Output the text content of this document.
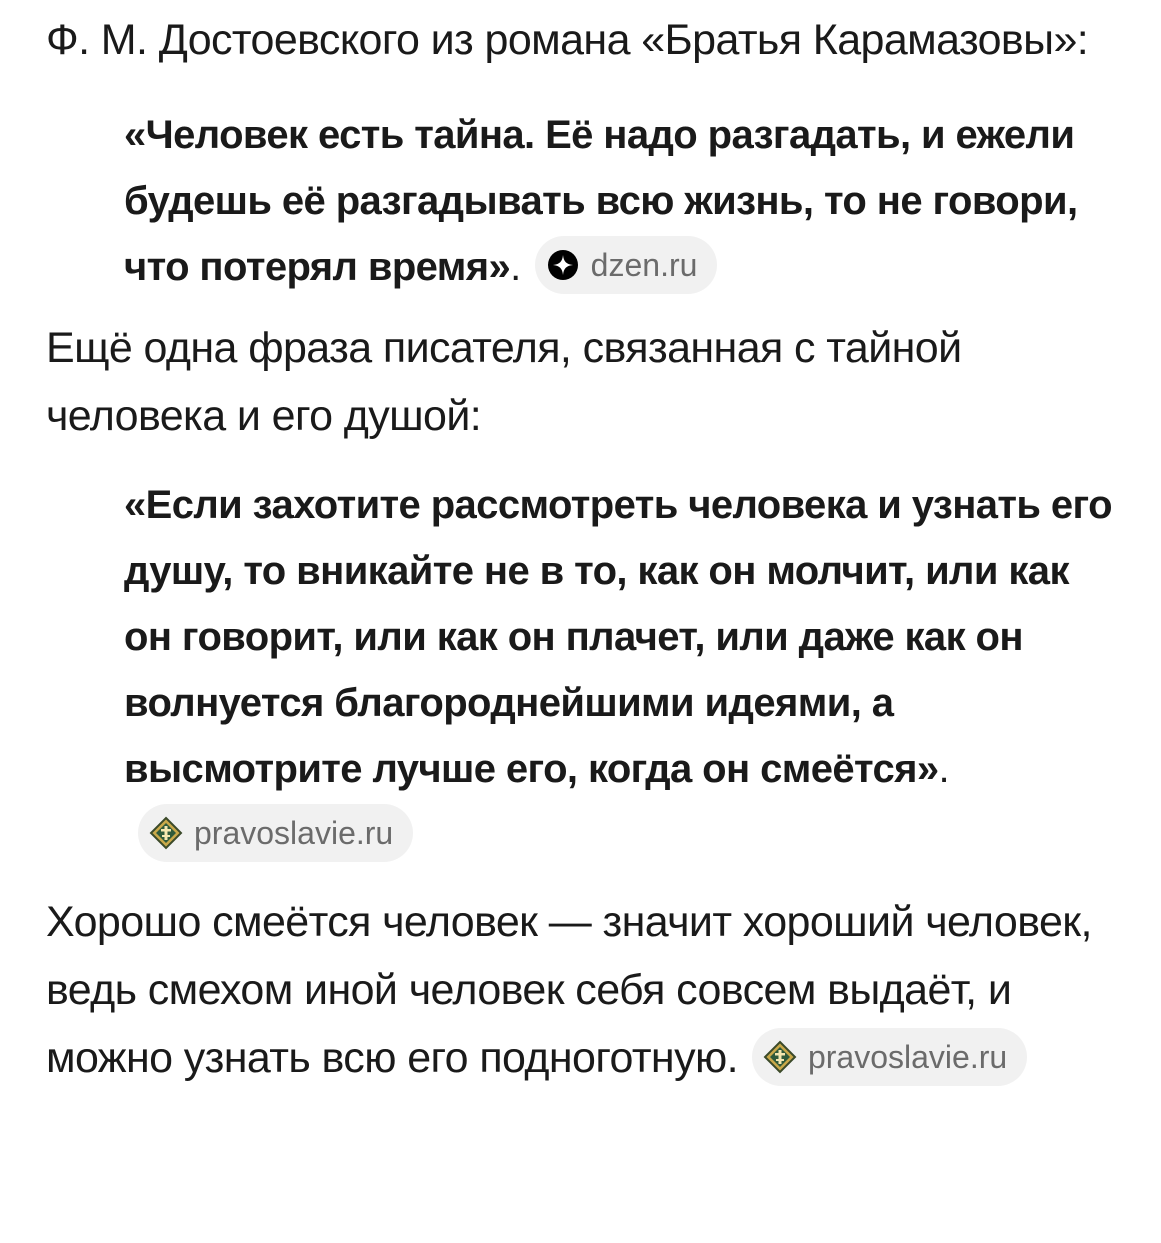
Ф. М. Достоевского из романа «Братья Карамазовы»:

«Человек есть тайна. Её надо разгадать, и ежели будешь её разгадывать всю жизнь, то не говори, что потерял время». dzen.ru

Ещё одна фраза писателя, связанная с тайной человека и его душой:

«Если захотите рассмотреть человека и узнать его душу, то вникайте не в то, как он молчит, или как он говорит, или как он плачет, или даже как он волнуется благороднейшими идеями, а высмотрите лучше его, когда он смеётся».
pravoslavie.ru

Хорошо смеётся человек — значит хороший человек, ведь смехом иной человек себя совсем выдаёт, и можно узнать всю его подноготную. pravoslavie.ru
